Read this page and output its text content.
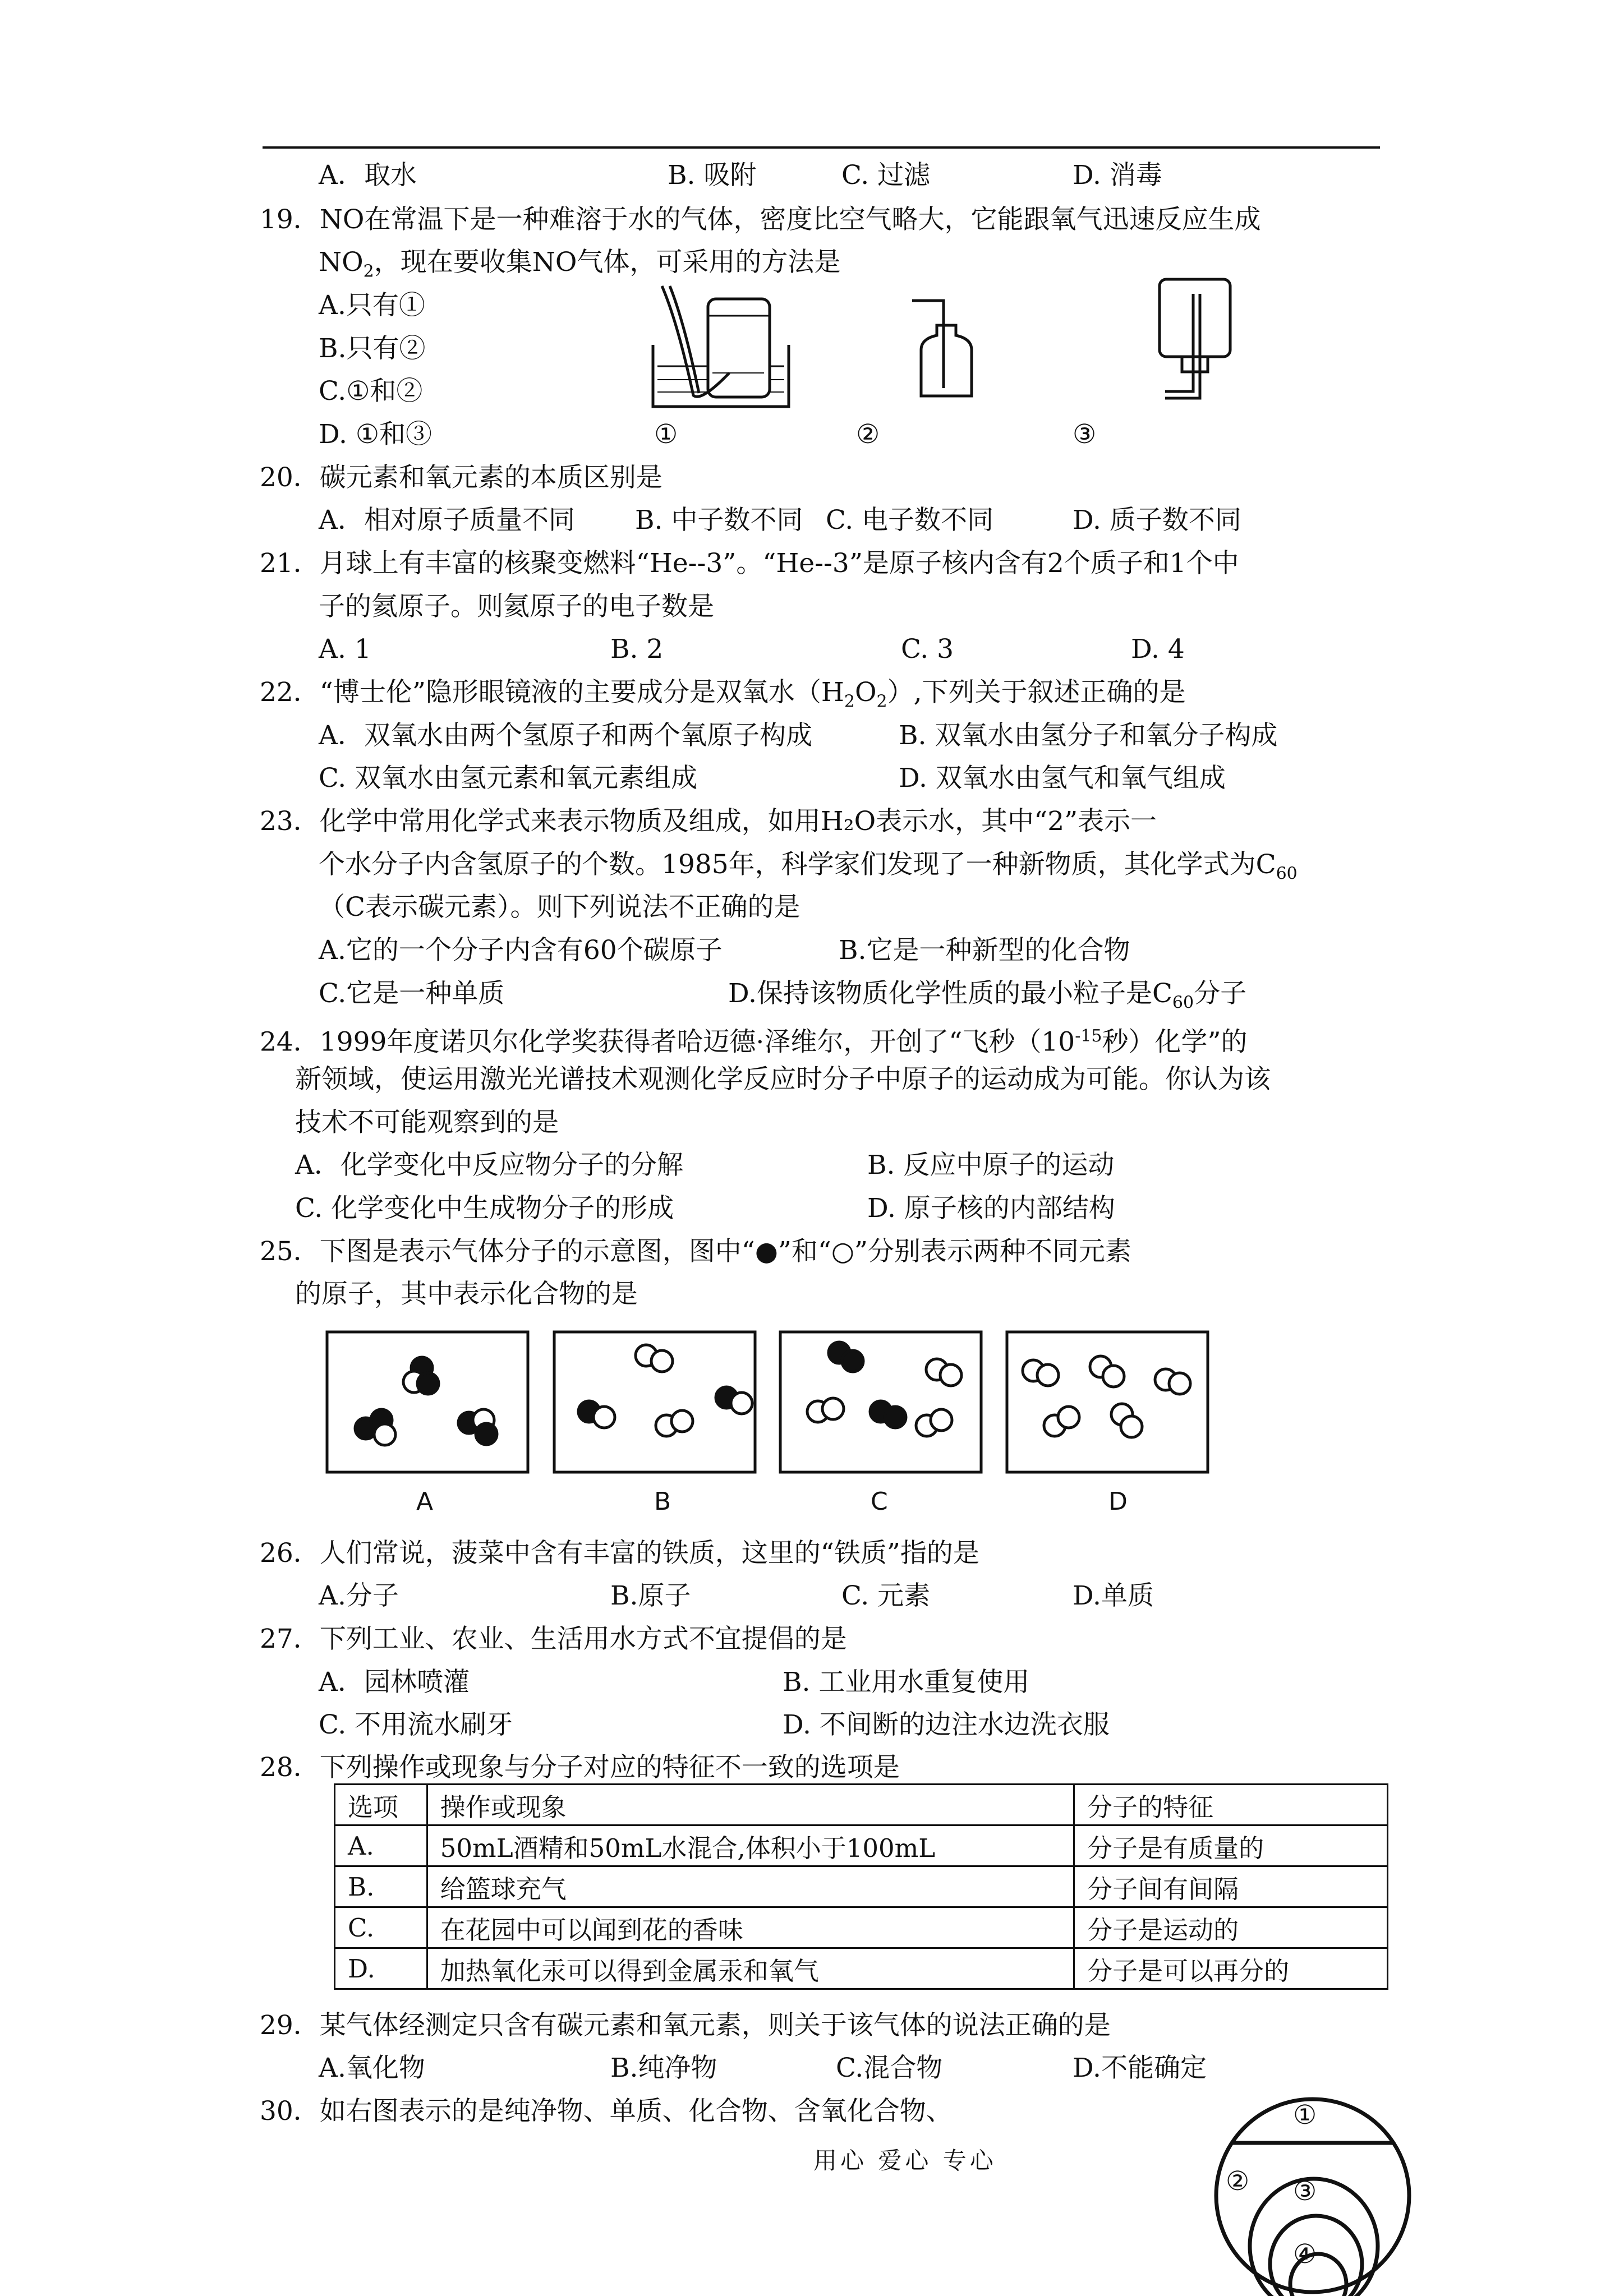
A．取水	B. 吸附	C. 过滤	D. 消毒
19．NO在常温下是一种难溶于水的气体，密度比空气略大，它能跟氧气迅速反应生成
$NO_2$，现在要收集NO气体，可采用的方法是
A.只有①
B.只有②
C.①和②
D. ①和③	①	②	③
20．碳元素和氧元素的本质区别是
A．相对原子质量不同 B. 中子数不同 C. 电子数不同	D. 质子数不同
21．月球上有丰富的核聚变燃料“He--3”。“He--3”是原子核内含有2个质子和1个中
子的氦原子。则氦原子的电子数是
A. 1	B. 2	C. 3	D. 4
22．“博士伦”隐形眼镜液的主要成分是双氧水$(H_2O_2)$,下列关于叙述正确的是
A．双氧水由两个氢原子和两个氧原子构成	B. 双氧水由氢分子和氧分子构成
C. 双氧水由氢元素和氧元素组成	D. 双氧水由氢气和氧气组成
23．化学中常用化学式来表示物质及组成，如用H₂O表示水，其中“2”表示一
个水分子内含氢原子的个数。1985年，科学家们发现了一种新物质，其化学式为$C_{60}$
（C表示碳元素）。则下列说法不正确的是
A.它的一个分子内含有60个碳原子	B.它是一种新型的化合物
C.它是一种单质	D.保持该物质化学性质的最小粒子是$C_{60}$分子
24．1999年度诺贝尔化学奖获得者哈迈德·泽维尔，开创了“飞秒（$10^{-15}$秒）化学”的
新领域，使运用激光光谱技术观测化学反应时分子中原子的运动成为可能。你认为该
技术不可能观察到的是
A．化学变化中反应物分子的分解	B. 反应中原子的运动
C. 化学变化中生成物分子的形成	D. 原子核的内部结构
25．下图是表示气体分子的示意图，图中“●”和“○”分别表示两种不同元素
的原子，其中表示化合物的是
A	B	C	D
26．人们常说，菠菜中含有丰富的铁质，这里的“铁质”指的是
A.分子	B.原子	C. 元素	D.单质
27．下列工业、农业、生活用水方式不宜提倡的是
A．园林喷灌	B. 工业用水重复使用
C. 不用流水刷牙	D. 不间断的边注水边洗衣服
28．下列操作或现象与分子对应的特征不一致的选项是
选项	操作或现象	分子的特征
A.	50mL酒精和50mL水混合,体积小于100mL	分子是有质量的
B.	给篮球充气	分子间有间隔
C.	在花园中可以闻到花的香味	分子是运动的
D.	加热氧化汞可以得到金属汞和氧气	分子是可以再分的
29．某气体经测定只含有碳元素和氧元素，则关于该气体的说法正确的是
A.氧化物	B.纯净物	C.混合物	D.不能确定
30．如右图表示的是纯净物、单质、化合物、含氧化合物、	①
② ③
④
用心 爱心 专心
